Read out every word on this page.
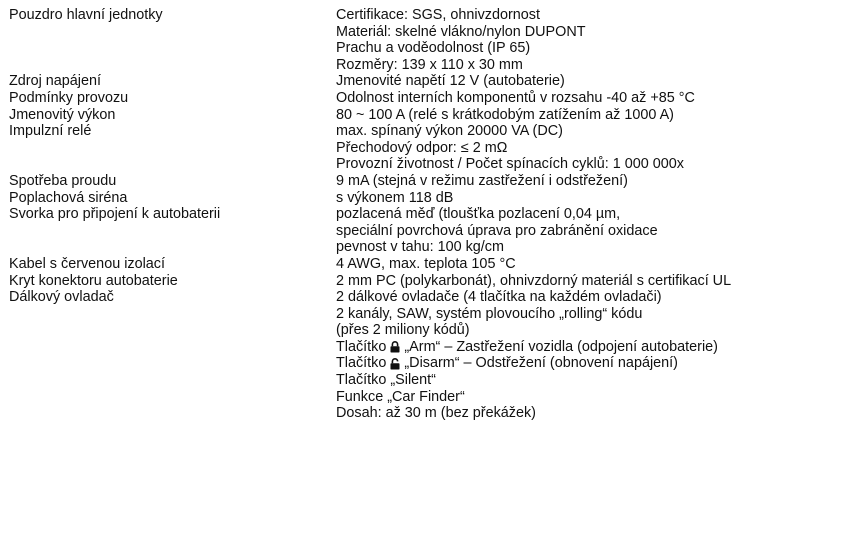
Pouzdro hlavní jednotky	Certifikace: SGS, ohnivzdornost
Materiál: skelné vlákno/nylon DUPONT
Prachu a voděodolnost (IP 65)
Rozměry: 139 x 110 x 30 mm
Zdroj napájení	Jmenovité napětí 12 V (autobaterie)
Podmínky provozu	Odolnost interních komponentů v rozsahu -40 až +85 °C
Jmenovitý výkon	80 ~ 100 A (relé s krátkodobým zatížením až 1000 A)
Impulzní relé	max. spínaný výkon 20000 VA (DC)
Přechodový odpor: ≤ 2 mΩ
Provozní životnost / Počet spínacích cyklů: 1 000 000x
Spotřeba proudu	9 mA (stejná v režimu zastřežení i odstřežení)
Poplachová siréna	s výkonem 118 dB
Svorka pro připojení k autobaterii	pozlacená měď (tloušťka pozlacení 0,04 µm,
speciální povrchová úprava pro zabránění oxidace
pevnost v tahu: 100 kg/cm
Kabel s červenou izolací	4 AWG, max. teplota 105 °C
Kryt konektoru autobaterie	2 mm PC (polykarbonát), ohnivzdorný materiál s certifikací UL
Dálkový ovladač	2 dálkové ovladače (4 tlačítka na každém ovladači)
2 kanály, SAW, systém plovoucího „rolling“ kódu
(přes 2 miliony kódů)
Tlačítko „Arm“ – Zastřežení vozidla (odpojení autobaterie)
Tlačítko „Disarm“ – Odstřežení (obnovení napájení)
Tlačítko „Silent“
Funkce „Car Finder“
Dosah: až 30 m (bez překážek)
